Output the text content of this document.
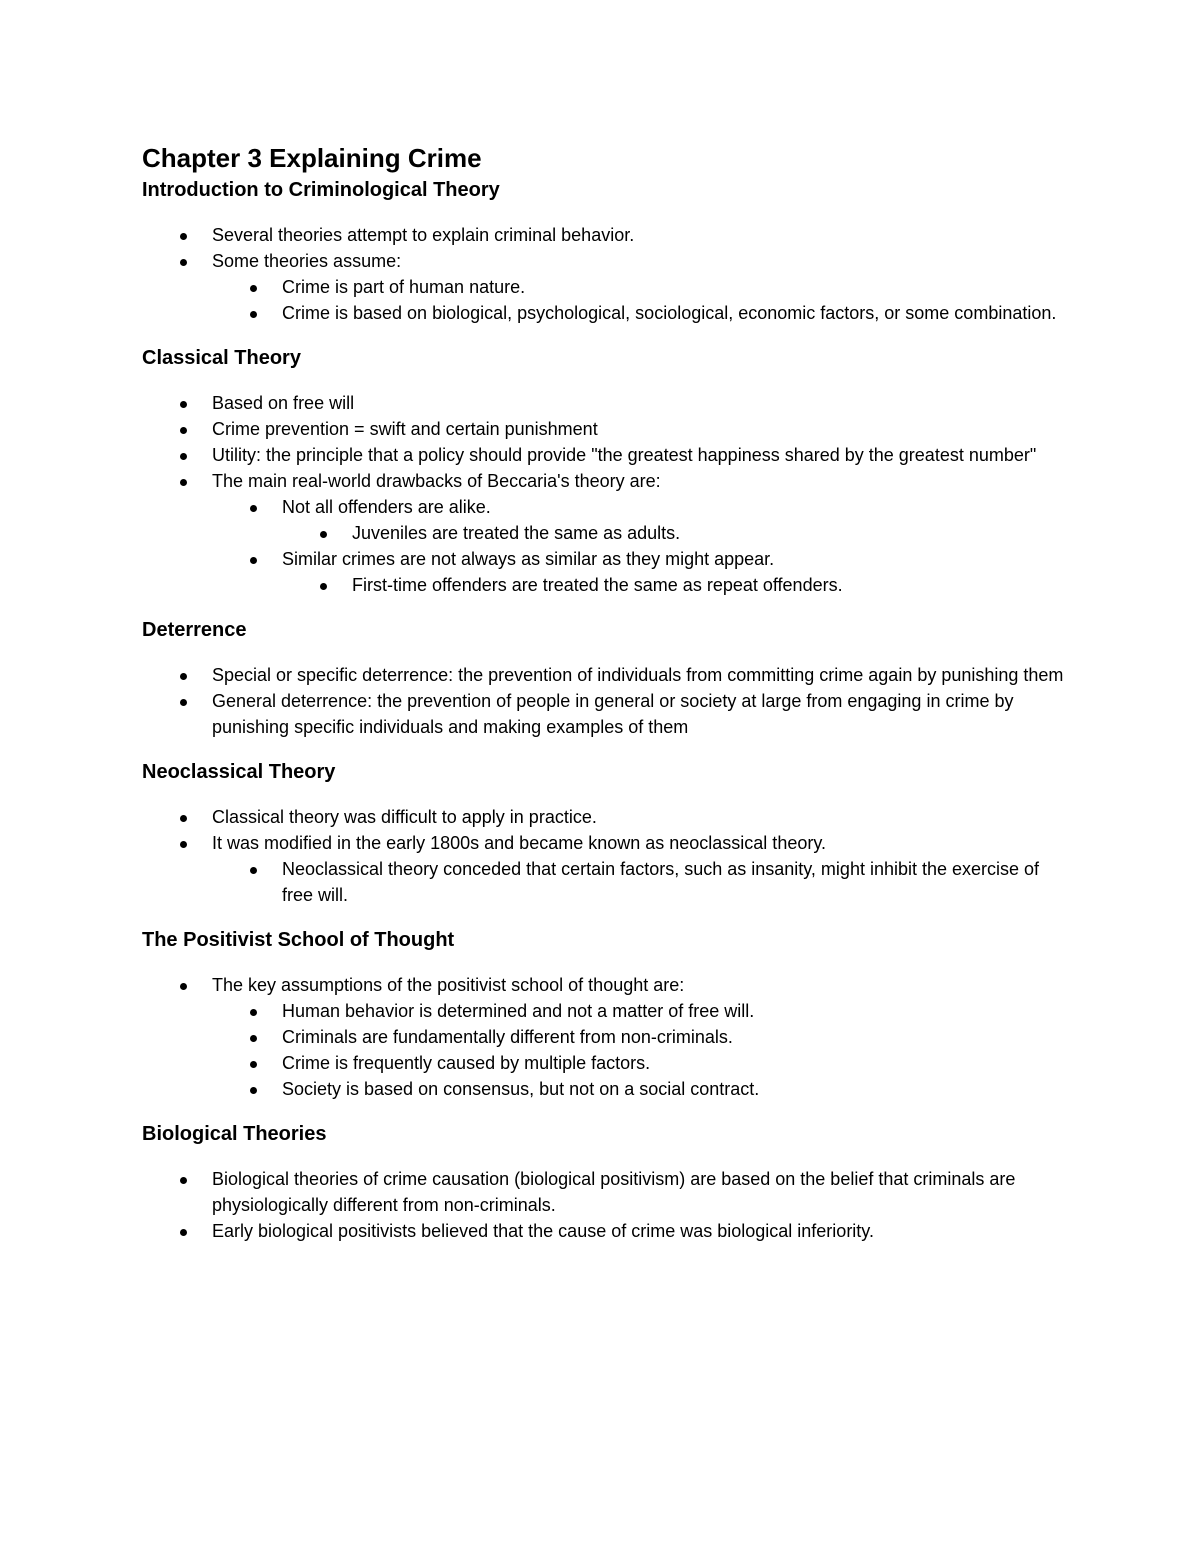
Chapter 3 Explaining Crime
Introduction to Criminological Theory
Several theories attempt to explain criminal behavior.
Some theories assume:
Crime is part of human nature.
Crime is based on biological, psychological, sociological, economic factors, or some combination.
Classical Theory
Based on free will
Crime prevention = swift and certain punishment
Utility: the principle that a policy should provide "the greatest happiness shared by the greatest number"
The main real-world drawbacks of Beccaria's theory are:
Not all offenders are alike.
Juveniles are treated the same as adults.
Similar crimes are not always as similar as they might appear.
First-time offenders are treated the same as repeat offenders.
Deterrence
Special or specific deterrence: the prevention of individuals from committing crime again by punishing them
General deterrence: the prevention of people in general or society at large from engaging in crime by punishing specific individuals and making examples of them
Neoclassical Theory
Classical theory was difficult to apply in practice.
It was modified in the early 1800s and became known as neoclassical theory.
Neoclassical theory conceded that certain factors, such as insanity, might inhibit the exercise of free will.
The Positivist School of Thought
The key assumptions of the positivist school of thought are:
Human behavior is determined and not a matter of free will.
Criminals are fundamentally different from non-criminals.
Crime is frequently caused by multiple factors.
Society is based on consensus, but not on a social contract.
Biological Theories
Biological theories of crime causation (biological positivism) are based on the belief that criminals are physiologically different from non-criminals.
Early biological positivists believed that the cause of crime was biological inferiority.
